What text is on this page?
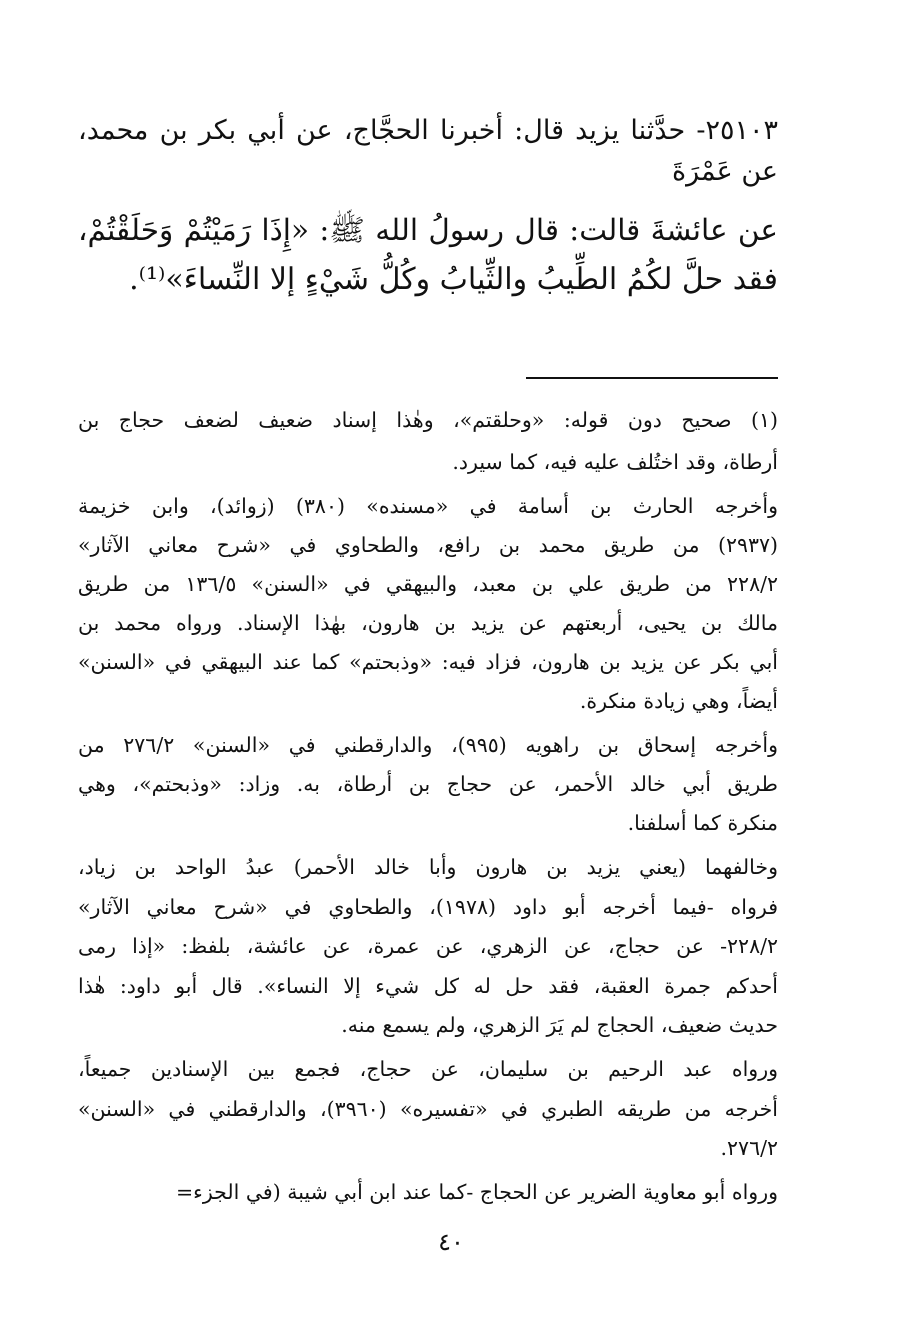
٢٥١٠٣- حدَّثنا يزيد قال: أخبرنا الحجَّاج، عن أبي بكر بن محمد،
عن عَمْرَةَ
عن عائشةَ قالت: قال رسولُ الله ﷺ: «إِذَا رَمَيْتُمْ وَحَلَقْتُمْ،
فقد حلَّ لكُمُ الطِّيبُ والثِّيابُ وكُلُّ شَيْءٍ إلا النِّساءَ»⁽¹⁾.
(١) صحيح دون قوله: «وحلقتم»، وهٰذا إسناد ضعيف لضعف حجاج بن
أرطاة، وقد اختُلف عليه فيه، كما سيرد.
وأخرجه الحارث بن أسامة في «مسنده» (٣٨٠) (زوائد)، وابن خزيمة
(٢٩٣٧) من طريق محمد بن رافع، والطحاوي في «شرح معاني الآثار»
٢٢٨/٢ من طريق علي بن معبد، والبيهقي في «السنن» ١٣٦/٥ من طريق
مالك بن يحيى، أربعتهم عن يزيد بن هارون، بهٰذا الإسناد. ورواه محمد بن
أبي بكر عن يزيد بن هارون، فزاد فيه: «وذبحتم» كما عند البيهقي في «السنن»
أيضاً، وهي زيادة منكرة.
وأخرجه إسحاق بن راهويه (٩٩٥)، والدارقطني في «السنن» ٢٧٦/٢ من
طريق أبي خالد الأحمر، عن حجاج بن أرطاة، به. وزاد: «وذبحتم»، وهي
منكرة كما أسلفنا.
وخالفهما (يعني يزيد بن هارون وأبا خالد الأحمر) عبدُ الواحد بن زياد،
فرواه -فيما أخرجه أبو داود (١٩٧٨)، والطحاوي في «شرح معاني الآثار»
٢٢٨/٢- عن حجاج، عن الزهري، عن عمرة، عن عائشة، بلفظ: «إذا رمى
أحدكم جمرة العقبة، فقد حل له كل شيء إلا النساء». قال أبو داود: هٰذا
حديث ضعيف، الحجاج لم يَرَ الزهري، ولم يسمع منه.
ورواه عبد الرحيم بن سليمان، عن حجاج، فجمع بين الإسنادين جميعاً،
أخرجه من طريقه الطبري في «تفسيره» (٣٩٦٠)، والدارقطني في «السنن»
٢٧٦/٢.
ورواه أبو معاوية الضرير عن الحجاج -كما عند ابن أبي شيبة (في الجزء=
٤٠
